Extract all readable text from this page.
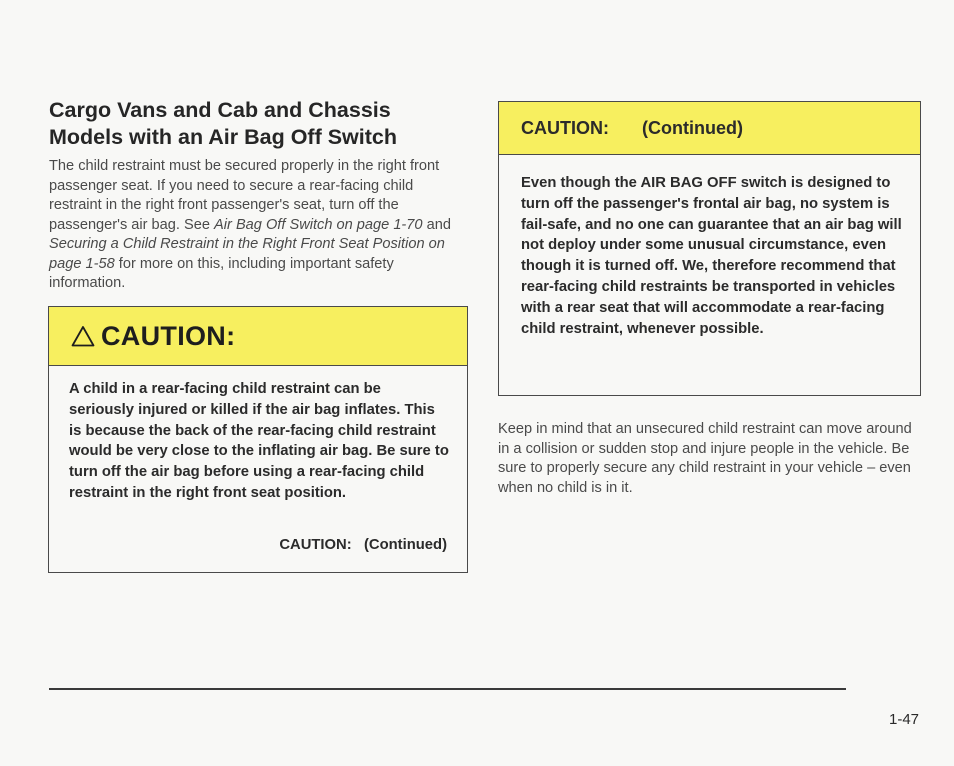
Cargo Vans and Cab and Chassis
Models with an Air Bag Off Switch

The child restraint must be secured properly in the right front passenger seat. If you need to secure a rear-facing child restraint in the right front passenger's seat, turn off the passenger's air bag. See Air Bag Off Switch on page 1-70 and Securing a Child Restraint in the Right Front Seat Position on page 1-58 for more on this, including important safety information.

CAUTION:
A child in a rear-facing child restraint can be seriously injured or killed if the air bag inflates. This is because the back of the rear-facing child restraint would be very close to the inflating air bag. Be sure to turn off the air bag before using a rear-facing child restraint in the right front seat position.
CAUTION:   (Continued)
CAUTION:   (Continued)
Even though the AIR BAG OFF switch is designed to turn off the passenger's frontal air bag, no system is fail-safe, and no one can guarantee that an air bag will not deploy under some unusual circumstance, even though it is turned off. We, therefore recommend that rear-facing child restraints be transported in vehicles with a rear seat that will accommodate a rear-facing child restraint, whenever possible.

Keep in mind that an unsecured child restraint can move around in a collision or sudden stop and injure people in the vehicle. Be sure to properly secure any child restraint in your vehicle – even when no child is in it.

1-47
